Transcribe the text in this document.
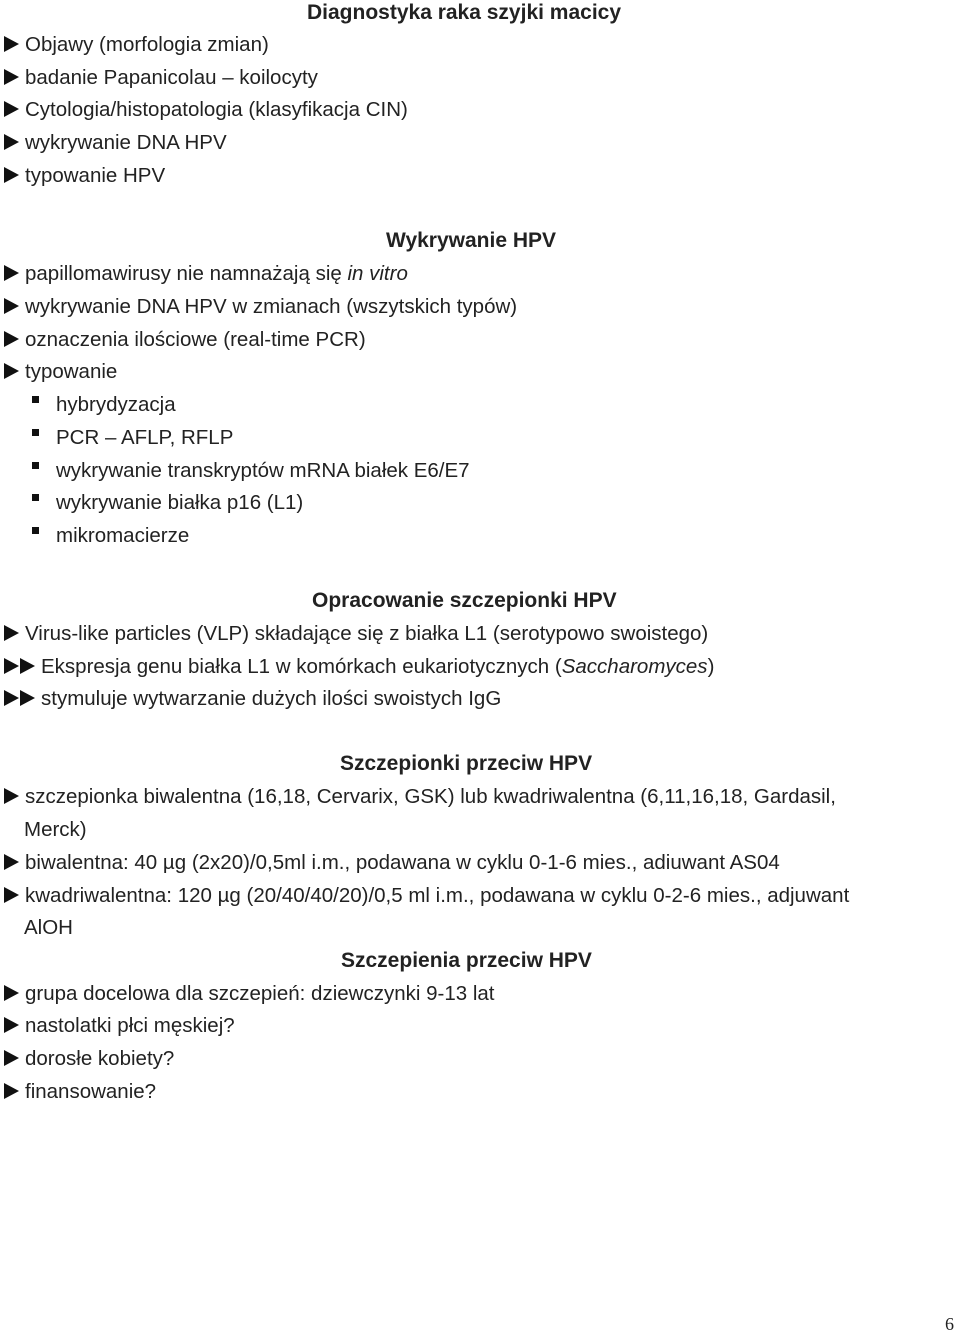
Diagnostyka raka szyjki macicy
Objawy (morfologia zmian)
badanie Papanicolau – koilocyty
Cytologia/histopatologia (klasyfikacja CIN)
wykrywanie DNA HPV
typowanie HPV
Wykrywanie HPV
papillomawirusy nie namnażają się in vitro
wykrywanie DNA HPV w zmianach (wszytskich typów)
oznaczenia ilościowe (real-time PCR)
typowanie
hybrydyzacja
PCR – AFLP, RFLP
wykrywanie transkryptów mRNA białek E6/E7
wykrywanie białka p16 (L1)
mikromacierze
Opracowanie szczepionki HPV
Virus-like particles (VLP) składające się z białka L1 (serotypowo swoistego)
Ekspresja genu białka L1 w komórkach eukariotycznych (Saccharomyces)
stymuluje wytwarzanie dużych ilości swoistych IgG
Szczepionki przeciw HPV
szczepionka biwalentna (16,18, Cervarix, GSK) lub kwadriwalentna (6,11,16,18, Gardasil,
Merck)
biwalentna: 40 µg (2x20)/0,5ml i.m., podawana w cyklu 0-1-6 mies., adiuwant AS04
kwadriwalentna: 120 µg (20/40/40/20)/0,5 ml i.m., podawana w cyklu 0-2-6 mies., adjuwant
AlOH
Szczepienia przeciw HPV
grupa docelowa dla szczepień: dziewczynki 9-13 lat
nastolatki płci męskiej?
dorosłe kobiety?
finansowanie?
6
